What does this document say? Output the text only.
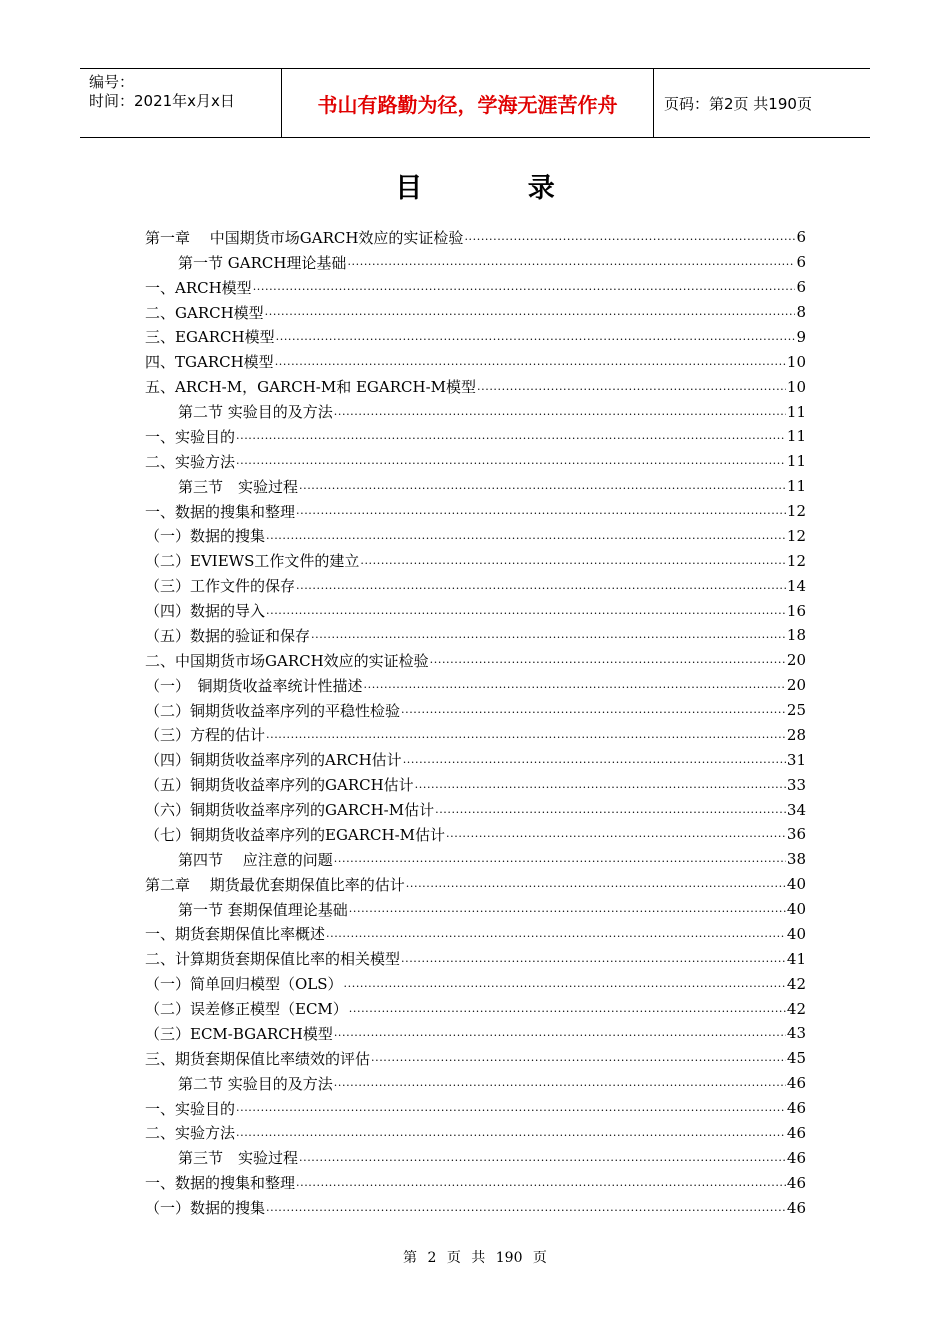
编号：
时间：2021年x月x日	书山有路勤为径，学海无涯苦作舟	页码：第2页 共190页
目 录
第一章　 中国期货市场GARCH效应的实证检验 .....	6
第一节 GARCH理论基础 .....	6
一、ARCH模型 .....	6
二、GARCH模型 .....	8
三、EGARCH模型 .....	9
四、TGARCH模型 .....	10
五、ARCH-M，GARCH-M和 EGARCH-M模型 .....	10
第二节 实验目的及方法 .....	11
一、实验目的 .....	11
二、实验方法 .....	11
第三节　实验过程 .....	11
一、数据的搜集和整理 .....	12
（一）数据的搜集 .....	12
（二）EVIEWS工作文件的建立 .....	12
（三）工作文件的保存 .....	14
（四）数据的导入 .....	16
（五）数据的验证和保存 .....	18
二、中国期货市场GARCH效应的实证检验 .....	20
（一）　铜期货收益率统计性描述 .....	20
（二）铜期货收益率序列的平稳性检验 .....	25
（三）方程的估计 .....	28
（四）铜期货收益率序列的ARCH估计 .....	31
（五）铜期货收益率序列的GARCH估计 .....	33
（六）铜期货收益率序列的GARCH-M估计 .....	34
（七）铜期货收益率序列的EGARCH-M估计 .....	36
第四节　 应注意的问题 .....	38
第二章　 期货最优套期保值比率的估计 .....	40
第一节 套期保值理论基础 .....	40
一、期货套期保值比率概述 .....	40
二、计算期货套期保值比率的相关模型 .....	41
（一）简单回归模型（OLS） .....	42
（二）误差修正模型（ECM） .....	42
（三）ECM-BGARCH模型 .....	43
三、期货套期保值比率绩效的评估 .....	45
第二节 实验目的及方法 .....	46
一、实验目的 .....	46
二、实验方法 .....	46
第三节　实验过程 .....	46
一、数据的搜集和整理 .....	46
（一）数据的搜集 .....	46
第 2 页 共 190 页
